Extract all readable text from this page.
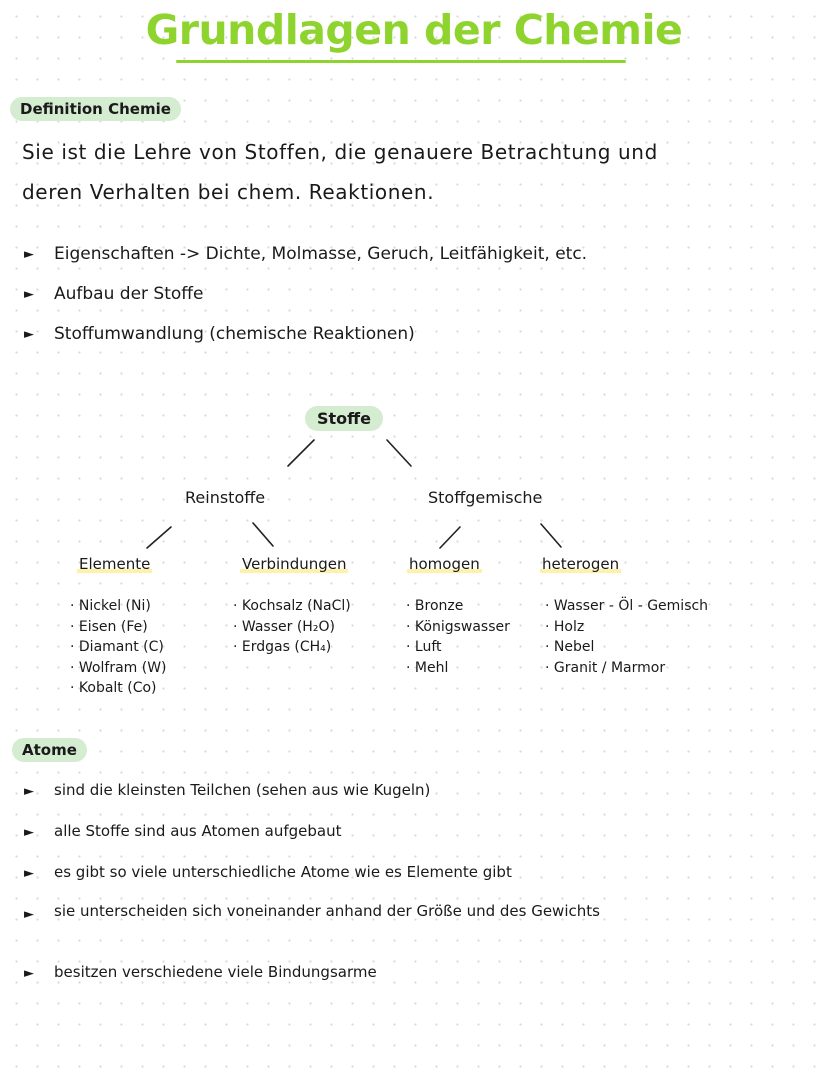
Grundlagen der Chemie
Definition Chemie
Sie ist die Lehre von Stoffen, die genauere Betrachtung und
deren Verhalten bei chem. Reaktionen.
►	Eigenschaften -> Dichte, Molmasse, Geruch, Leitfähigkeit, etc.
►	Aufbau der Stoffe
►	Stoffumwandlung (chemische Reaktionen)
Stoffe
Reinstoffe	Stoffgemische
Elemente	Verbindungen	homogen	heterogen
· Nickel (Ni)
· Eisen (Fe)
· Diamant (C)
· Wolfram (W)
· Kobalt (Co)
· Kochsalz (NaCl)
· Wasser (H₂O)
· Erdgas (CH₄)
· Bronze
· Königswasser
· Luft
· Mehl
· Wasser - Öl - Gemisch
· Holz
· Nebel
· Granit / Marmor
Atome
►	sind die kleinsten Teilchen (sehen aus wie Kugeln)
►	alle Stoffe sind aus Atomen aufgebaut
►	es gibt so viele unterschiedliche Atome wie es Elemente gibt
►	sie unterscheiden sich voneinander anhand der Größe und des Gewichts
►	besitzen verschiedene viele Bindungsarme
